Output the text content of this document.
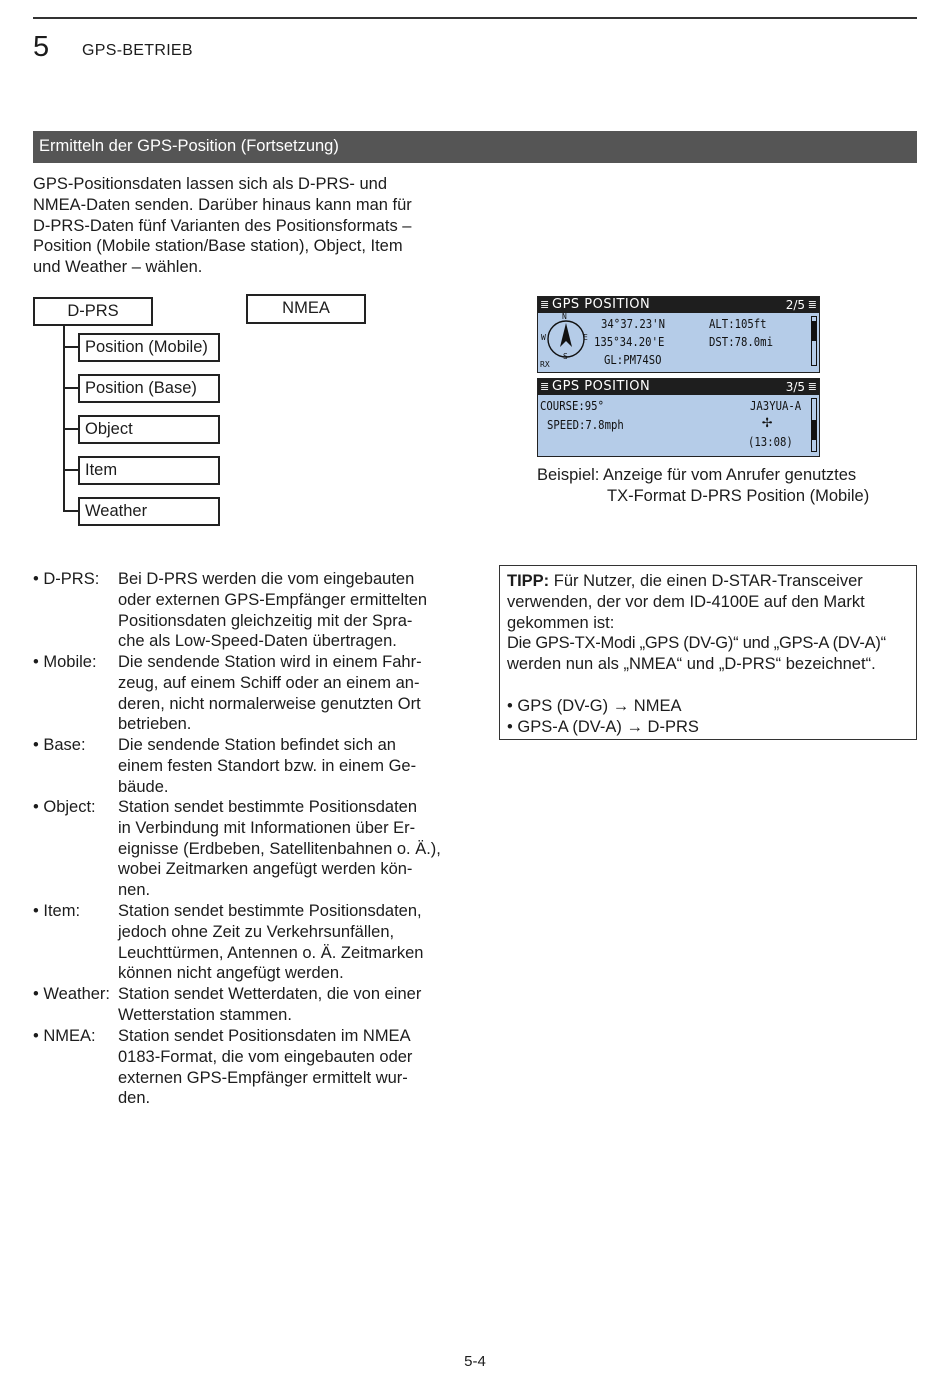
5 GPS-BETRIEB
Ermitteln der GPS-Position (Fortsetzung)
GPS-Positionsdaten lassen sich als D-PRS- und
NMEA-Daten senden. Darüber hinaus kann man für
D-PRS-Daten fünf Varianten des Positionsformats –
Position (Mobile station/Base station), Object, Item
und Weather – wählen.
D-PRS
Position (Mobile)
Position (Base)
Object
Item
Weather
NMEA	≣ GPS POSITION	2/5 ≣
N
W	E
S
RX
34°37.23'N
135°34.20'E
GL:PM74SO
ALT:105ft
DST:78.0mi
≣ GPS POSITION	3/5 ≣
COURSE:95°
SPEED:7.8mph
JA3YUA-A
✢
(13:08)
Beispiel: Anzeige für vom Anrufer genutztes
TX-Format D-PRS Position (Mobile)
• D-PRS: Bei D-PRS werden die vom eingebauten
oder externen GPS-Empfänger ermittelten
Positionsdaten gleichzeitig mit der Spra-
che als Low-Speed-Daten übertragen.
• Mobile: Die sendende Station wird in einem Fahr-
zeug, auf einem Schiff oder an einem an-
deren, nicht normalerweise genutzten Ort
betrieben.
• Base: Die sendende Station befindet sich an
einem festen Standort bzw. in einem Ge-
bäude.
• Object: Station sendet bestimmte Positionsdaten
in Verbindung mit Informationen über Er-
eignisse (Erdbeben, Satellitenbahnen o. Ä.),
wobei Zeitmarken angefügt werden kön-
nen.
• Item: Station sendet bestimmte Positionsdaten,
jedoch ohne Zeit zu Verkehrsunfällen,
Leuchttürmen, Antennen o. Ä. Zeitmarken
können nicht angefügt werden.
• Weather: Station sendet Wetterdaten, die von einer
Wetterstation stammen.
• NMEA: Station sendet Positionsdaten im NMEA
0183-Format, die vom eingebauten oder
externen GPS-Empfänger ermittelt wur-
den.
TIPP: Für Nutzer, die einen D-STAR-Transceiver
verwenden, der vor dem ID-4100E auf den Markt
gekommen ist:
Die GPS-TX-Modi „GPS (DV-G)“ und „GPS-A (DV-A)“
werden nun als „NMEA“ und „D-PRS“ bezeichnet“.
• GPS (DV-G) → NMEA
• GPS-A (DV-A) → D-PRS
5-4
